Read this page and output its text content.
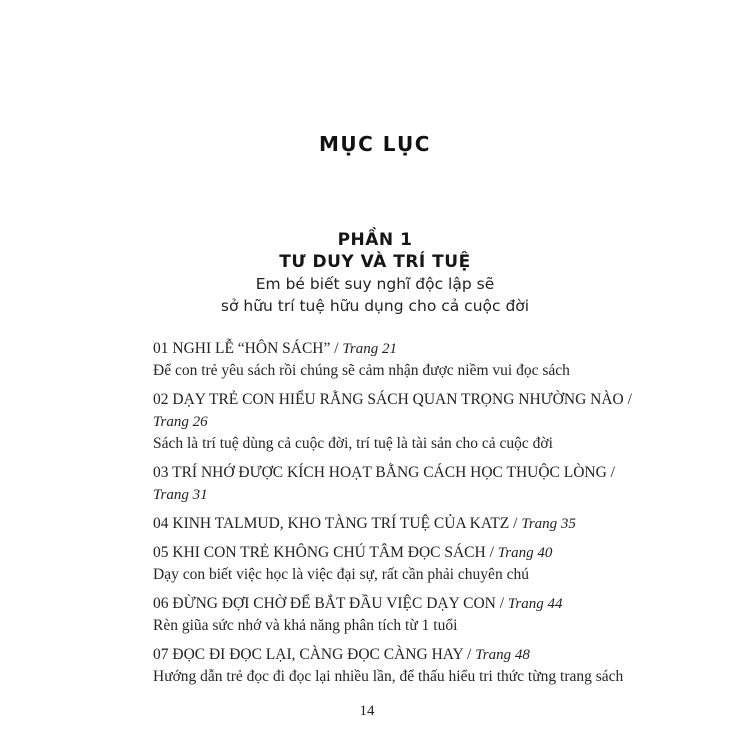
MỤC LỤC
PHẦN 1
TƯ DUY VÀ TRÍ TUỆ
Em bé biết suy nghĩ độc lập sẽ
sở hữu trí tuệ hữu dụng cho cả cuộc đời
01 NGHI LỄ “HÔN SÁCH” / Trang 21
Để con trẻ yêu sách rồi chúng sẽ cảm nhận được niềm vui đọc sách
02 DẠY TRẺ CON HIỂU RẰNG SÁCH QUAN TRỌNG NHƯỜNG NÀO /
Trang 26
Sách là trí tuệ dùng cả cuộc đời, trí tuệ là tài sản cho cả cuộc đời
03 TRÍ NHỚ ĐƯỢC KÍCH HOẠT BẰNG CÁCH HỌC THUỘC LÒNG /
Trang 31
04 KINH TALMUD, KHO TÀNG TRÍ TUỆ CỦA KATZ / Trang 35
05 KHI CON TRẺ KHÔNG CHÚ TÂM ĐỌC SÁCH / Trang 40
Dạy con biết việc học là việc đại sự, rất cần phải chuyên chú
06 ĐỪNG ĐỢI CHỜ ĐỂ BẮT ĐẦU VIỆC DẠY CON / Trang 44
Rèn giũa sức nhớ và khả năng phân tích từ 1 tuổi
07 ĐỌC ĐI ĐỌC LẠI, CÀNG ĐỌC CÀNG HAY / Trang 48
Hướng dẫn trẻ đọc đi đọc lại nhiều lần, để thấu hiểu tri thức từng trang sách
14
